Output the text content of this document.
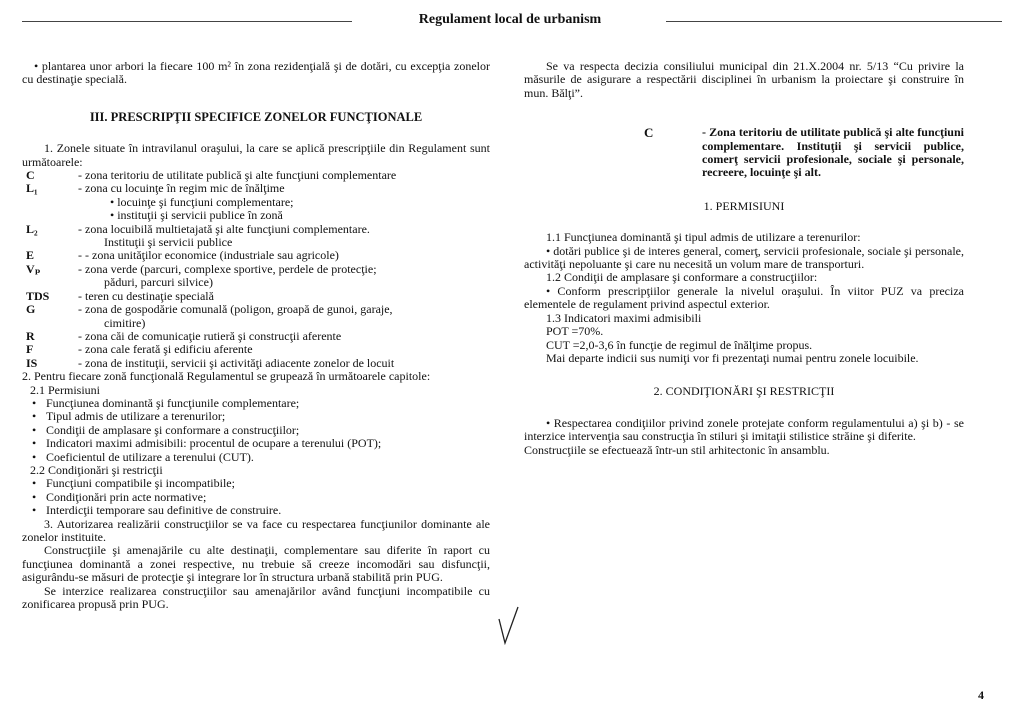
Regulament local de urbanism

• plantarea unor arbori la fiecare 100 m² în zona rezidenţială şi de dotări, cu excepţia zonelor cu destinaţie specială.

III. PRESCRIPŢII SPECIFICE ZONELOR FUNCŢIONALE

1. Zonele situate în intravilanul oraşului, la care se aplică prescripţiile din Regulament sunt următoarele:

C	- zona teritoriu de utilitate publică şi alte funcţiuni complementare
L₁	- zona cu locuinţe în regim mic de înălţime
• locuinţe şi funcţiuni complementare;
• instituţii şi servicii publice în zonă
L₂	- zona locuibilă multietajată şi alte funcţiuni complementare.
Instituţii şi servicii publice
E	- - zona unităţilor economice (industriale sau agricole)
Vₚ	- zona verde (parcuri, complexe sportive, perdele de protecţie;
păduri, parcuri silvice)
TDS	- teren cu destinaţie specială
G	- zona de gospodărie comunală (poligon, groapă de gunoi, garaje,
cimitire)
R	- zona căi de comunicaţie rutieră şi construcţii aferente
F	- zona cale ferată şi edificiu aferente
IS	- zona de instituţii, servicii şi activităţi adiacente zonelor de locuit

2. Pentru fiecare zonă funcţională Regulamentul se grupează în următoarele capitole:

2.1 Permisiuni

• Funcţiunea dominantă şi funcţiunile complementare;
• Tipul admis de utilizare a terenurilor;
• Condiţii de amplasare şi conformare a construcţiilor;
• Indicatori maximi admisibili: procentul de ocupare a terenului (POT);
• Coeficientul de utilizare a terenului (CUT).

2.2 Condiţionări şi restricţii

• Funcţiuni compatibile şi incompatibile;
• Condiţionări prin acte normative;
• Interdicţii temporare sau definitive de construire.

3. Autorizarea realizării construcţiilor se va face cu respectarea funcţiunilor dominante ale zonelor instituite.

Construcţiile şi amenajările cu alte destinaţii, complementare sau diferite în raport cu funcţiunea dominantă a zonei respective, nu trebuie să creeze incomodări sau disfuncţii, asigurându-se măsuri de protecţie şi integrare lor în structura urbană stabilită prin PUG.

Se interzice realizarea construcţiilor sau amenajărilor având funcţiuni incompatibile cu zonificarea propusă prin PUG.

Se va respecta decizia consiliului municipal din 21.X.2004 nr. 5/13 “Cu privire la măsurile de asigurare a respectării disciplinei în urbanism la proiectare şi construire în mun. Bălţi”.

C	- Zona teritoriu de utilitate publică şi alte funcţiuni complementare. Instituţii şi servicii publice, comerţ servicii profesionale, sociale şi personale, recreere, locuinţe şi alt.
1. PERMISIUNI

1.1 Funcţiunea dominantă şi tipul admis de utilizare a terenurilor:

• dotări publice şi de interes general, comerţ, servicii profesionale, sociale şi personale, activităţi nepoluante şi care nu necesită un volum mare de transporturi.

1.2 Condiţii de amplasare şi conformare a construcţiilor:

• Conform prescripţiilor generale la nivelul oraşului. În viitor PUZ va preciza elementele de regulament privind aspectul exterior.

1.3 Indicatori maximi admisibili

POT =70%.

CUT =2,0-3,6 în funcţie de regimul de înălţime propus.

Mai departe indicii sus numiţi vor fi prezentaţi numai pentru zonele locuibile.

2. CONDIŢIONĂRI ŞI RESTRICŢII

• Respectarea condiţiilor privind zonele protejate conform regulamentului a) şi b) - se interzice intervenţia sau construcţia în stiluri şi imitaţii stilistice străine şi diferite.

Construcţiile se efectuează într-un stil arhitectonic în ansamblu.

4
